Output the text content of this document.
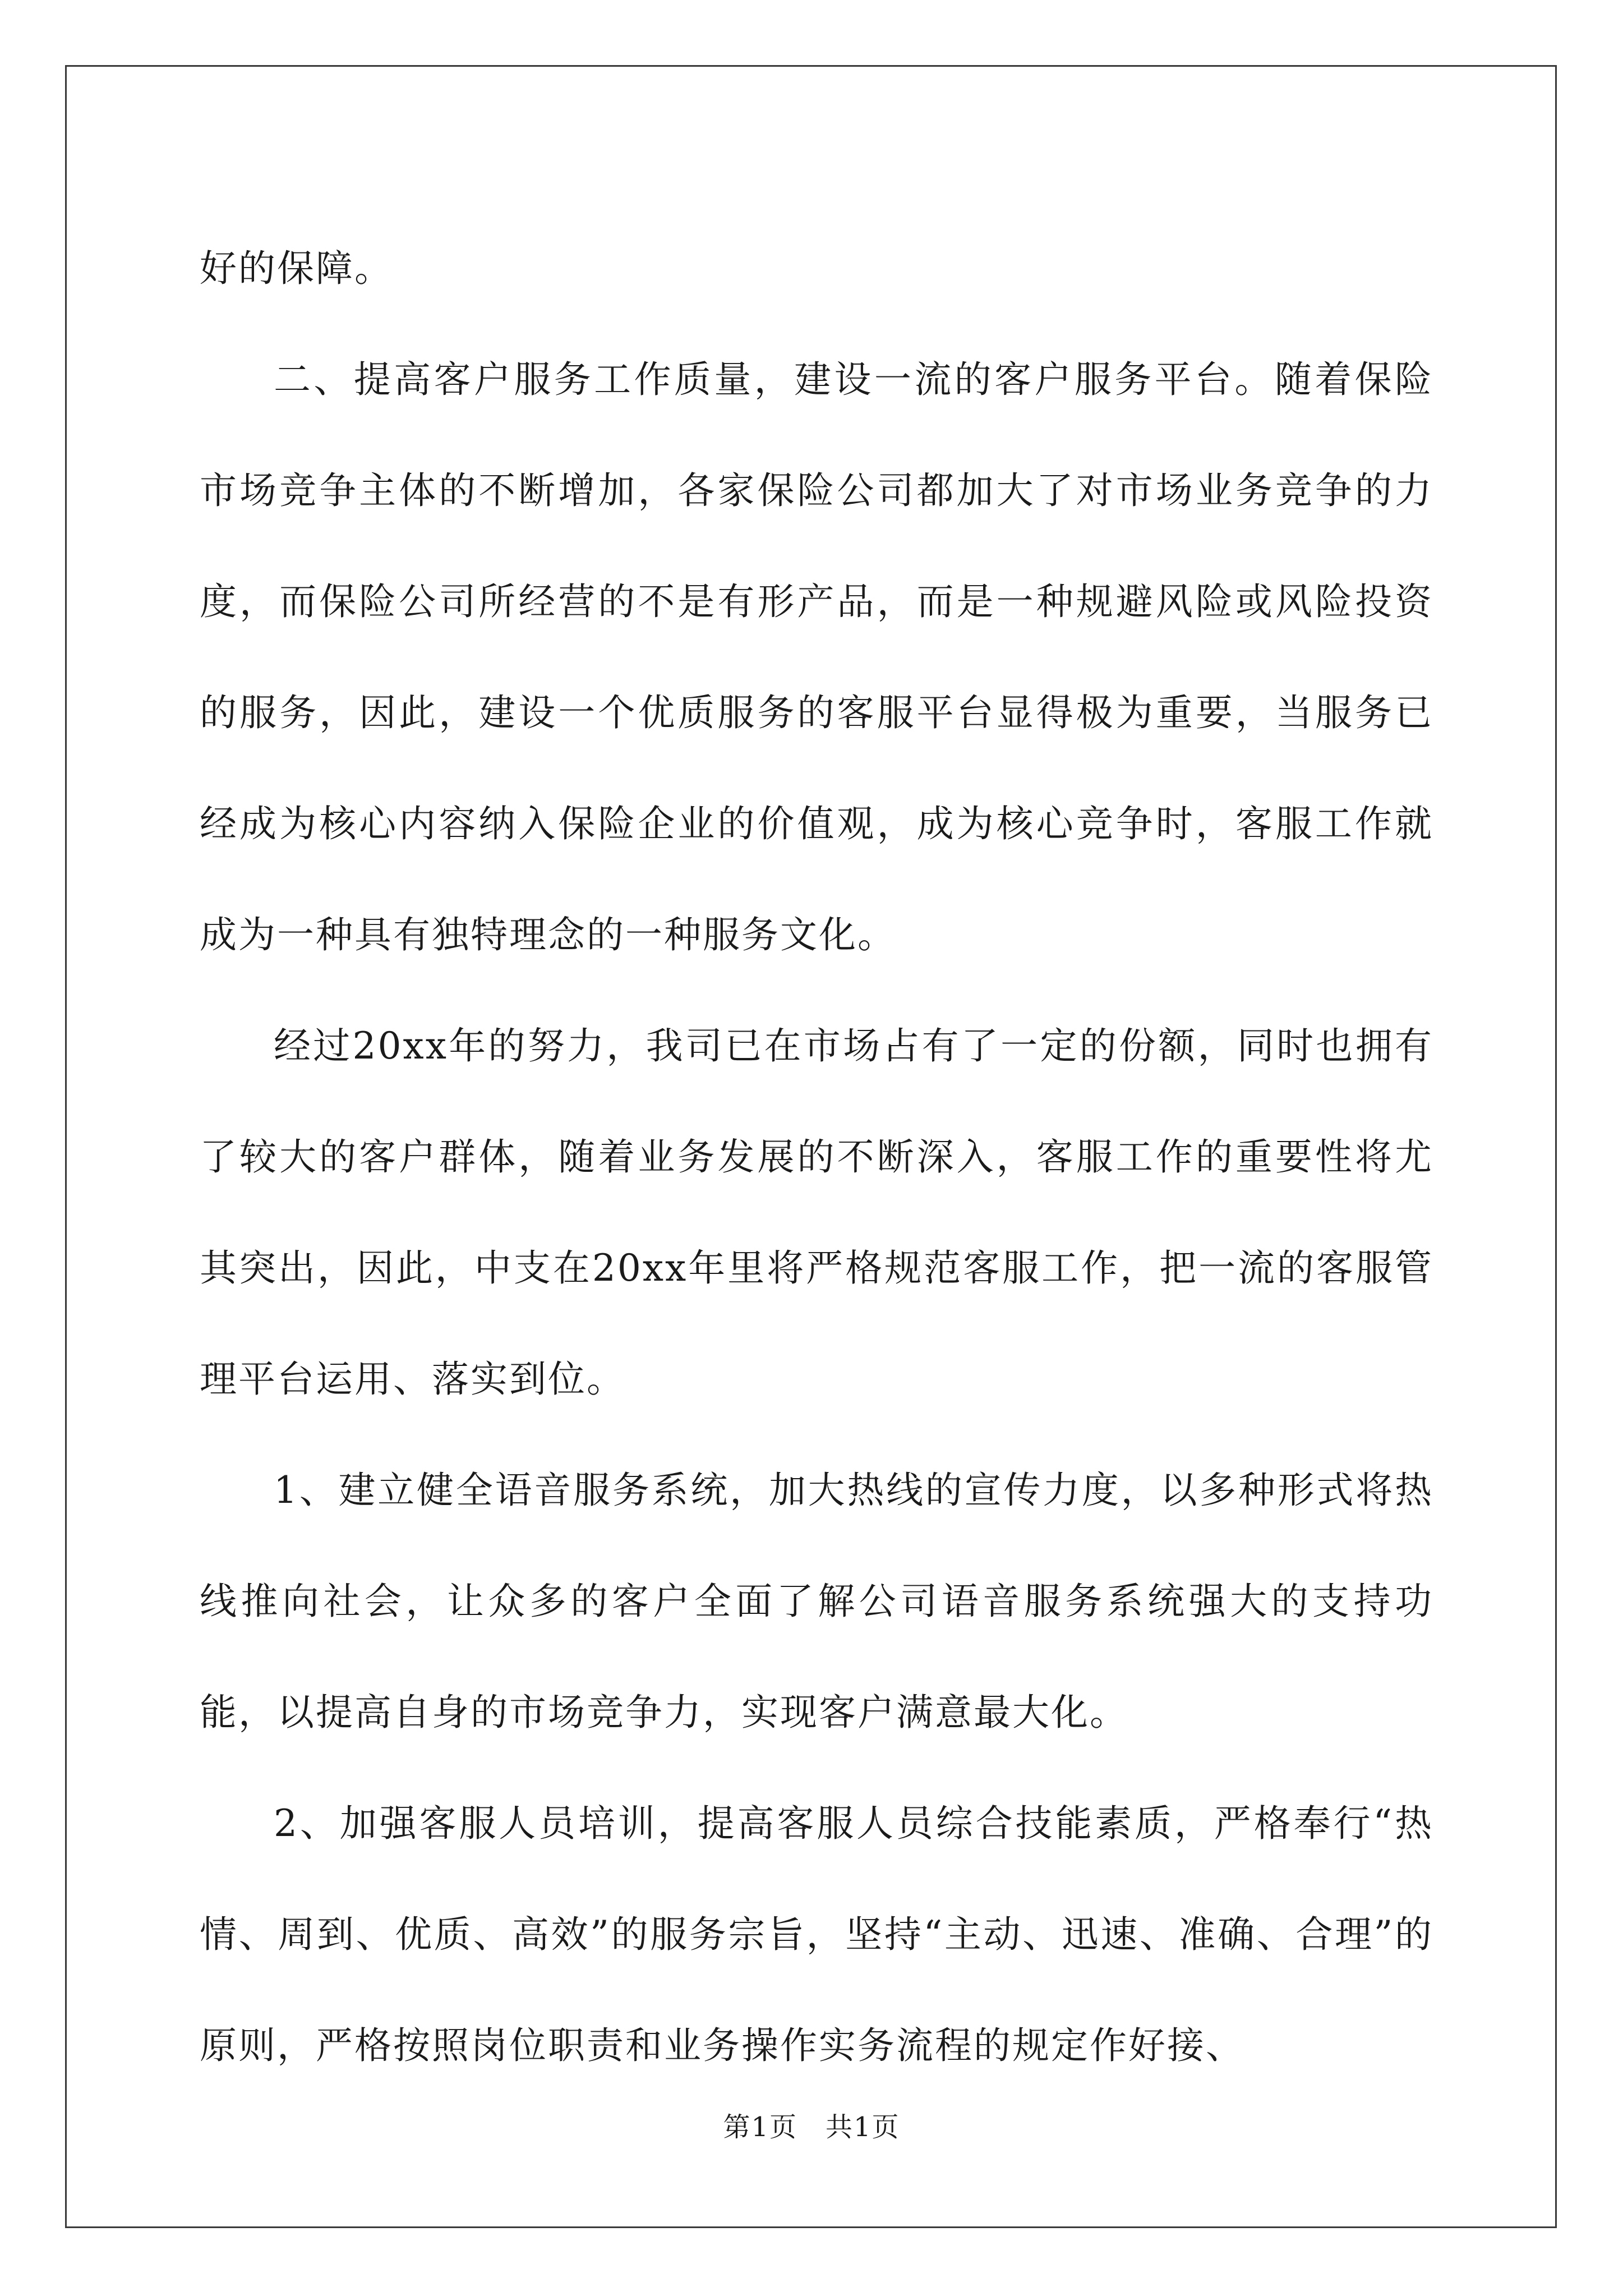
好的保障。

二、提高客户服务工作质量，建设一流的客户服务平台。随着保险市场竞争主体的不断增加，各家保险公司都加大了对市场业务竞争的力度，而保险公司所经营的不是有形产品，而是一种规避风险或风险投资的服务，因此，建设一个优质服务的客服平台显得极为重要，当服务已经成为核心内容纳入保险企业的价值观，成为核心竞争时，客服工作就成为一种具有独特理念的一种服务文化。

经过20xx年的努力，我司已在市场占有了一定的份额，同时也拥有了较大的客户群体，随着业务发展的不断深入，客服工作的重要性将尤其突出，因此，中支在20xx年里将严格规范客服工作，把一流的客服管理平台运用、落实到位。

1、建立健全语音服务系统，加大热线的宣传力度，以多种形式将热线推向社会，让众多的客户全面了解公司语音服务系统强大的支持功能，以提高自身的市场竞争力，实现客户满意最大化。

2、加强客服人员培训，提高客服人员综合技能素质，严格奉行“热情、周到、优质、高效”的服务宗旨，坚持“主动、迅速、准确、合理”的原则，严格按照岗位职责和业务操作实务流程的规定作好接、

第1页　共1页
